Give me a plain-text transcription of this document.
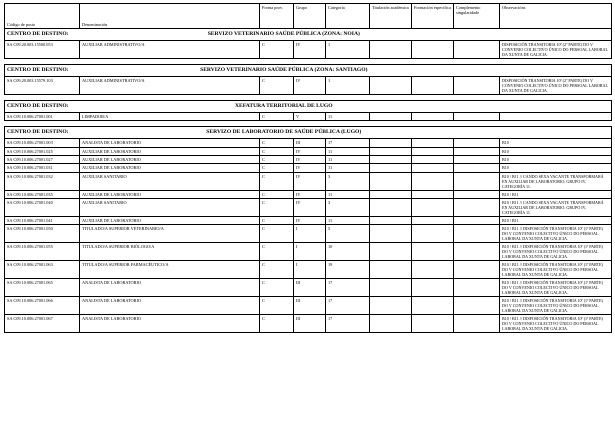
Código de posto	Denominación	Forma prov.	Grupo	Categoría	Titulación académica	Formación específica	Complemento singularidade	Observacións

CENTRO DE DESTINO: SERVIZO VETERINARIO SAÚDE PÚBLICA (ZONA: NOIA)								

SA C09.20.003.15500.053	AUXILIAR ADMINISTRATIVO/A	C	IV	1				DISPOSICIÓN TRANSITORIA 10ª (2º PARTE) DO V CONVENIO COLECTIVO ÚNICO DO PERSOAL LABORAL DA XUNTA DE GALICIA.

CENTRO DE DESTINO: SERVIZO VETERINARIO SAÚDE PÚBLICA (ZONA: SANTIAGO)								

SA C09.20.003.15579.103	AUXILIAR ADMINISTRATIVO/A	C	IV	1				DISPOSICIÓN TRANSITORIA 10ª (2º PARTE) DO V CONVENIO COLECTIVO ÚNICO DO PERSOAL LABORAL DA XUNTA DE GALICIA.

CENTRO DE DESTINO: XEFATURA TERRITORIAL DE LUGO								

SA C09.10.006.27001.001	LIMPADOR/A	C	V	11				

CENTRO DE DESTINO: SERVIZO DE LABORATORIO DE SAÚDE PÚBLICA (LUGO)								

SA C09.10.006.27001.003	ANALISTA DE LABORATORIO	C	III	17				B10
SA C09.10.006.27001.025	AUXILIAR DE LABORATORIO	C	IV	11				B10
SA C09.10.006.27001.027	AUXILIAR DE LABORATORIO	C	IV	11				B10
SA C09.10.006.27001.031	AUXILIAR DE LABORATORIO	C	IV	11				B10
SA C09.10.006.27001.032	AUXILIAR SANITARIO	C	IV	3				B10 / B11 // CANDO SEXA VACANTE TRANSFORMARÁ EN AUXILIAR DE LABORATORIO, GRUPO IV, CATEGORÍA 11.
SA C09.10.006.27001.035	AUXILIAR DE LABORATORIO	C	IV	11				B10 / B11
SA C09.10.006.27001.040	AUXILIAR SANITARIO	C	IV	3				B10 / B11 // CANDO SEXA VACANTE TRANSFORMARÁ EN AUXILIAR DE LABORATORIO, GRUPO IV, CATEGORÍA 11.
SA C09.10.006.27001.041	AUXILIAR DE LABORATORIO	C	IV	11				B10 / B11
SA C09.10.006.27001.050	TITULADO/A SUPERIOR VETERINARIO/A	C	I	5				B10 / B11 // DISPOSICIÓN TRANSITORIA 10ª (1ª PARTE) DO V CONVENIO COLECTIVO ÚNICO DO PERSOAL LABORAL DA XUNTA DE GALICIA.
SA C09.10.006.27001.055	TITULADO/A SUPERIOR BIÓLOGO/A	C	I	10				B10 / B11 // DISPOSICIÓN TRANSITORIA 10ª (1ª PARTE) DO V CONVENIO COLECTIVO ÚNICO DO PERSOAL LABORAL DA XUNTA DE GALICIA.
SA C09.10.006.27001.063	TITULADO/A SUPERIOR FARMACÉUTICO/A	C	I	19				B10 / B11 // DISPOSICIÓN TRANSITORIA 10ª (1ª PARTE) DO V CONVENIO COLECTIVO ÚNICO DO PERSOAL LABORAL DA XUNTA DE GALICIA.
SA C09.10.006.27001.065	ANALISTA DE LABORATORIO	C	III	17				B10 / B11 // DISPOSICIÓN TRANSITORIA 10ª (1ª PARTE) DO V CONVENIO COLECTIVO ÚNICO DO PERSOAL LABORAL DA XUNTA DE GALICIA.
SA C09.10.006.27001.066	ANALISTA DE LABORATORIO	C	III	17				B10 / B11 // DISPOSICIÓN TRANSITORIA 10ª (1ª PARTE) DO V CONVENIO COLECTIVO ÚNICO DO PERSOAL LABORAL DA XUNTA DE GALICIA.
SA C09.10.006.27001.067	ANALISTA DE LABORATORIO	C	III	17				B10 / B11 // DISPOSICIÓN TRANSITORIA 10ª (1ª PARTE) DO V CONVENIO COLECTIVO ÚNICO DO PERSOAL LABORAL DA XUNTA DE GALICIA.
